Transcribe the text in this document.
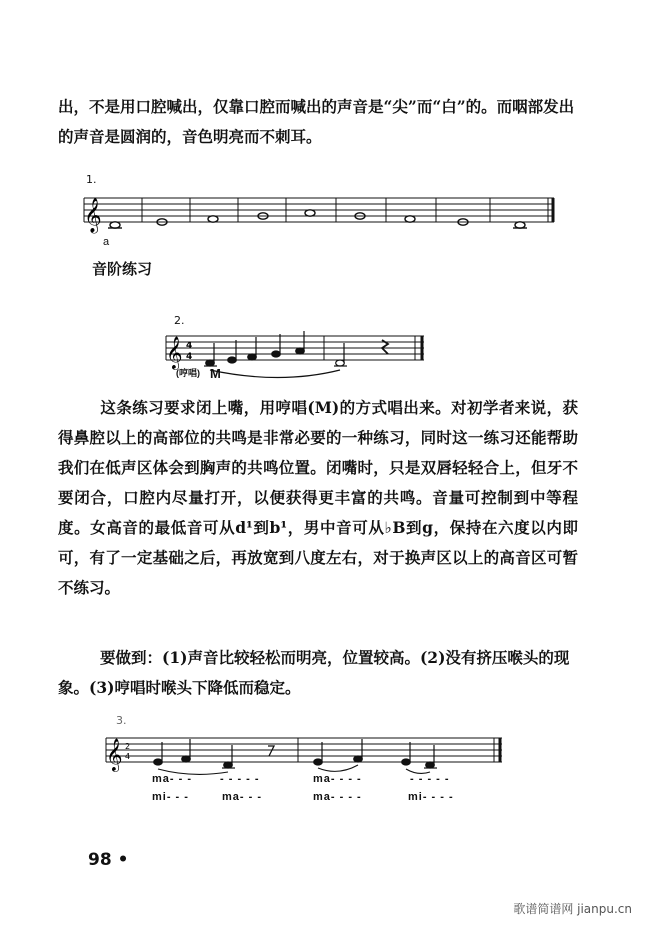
出，不是用口腔喊出，仅靠口腔而喊出的声音是“尖”而“白”的。而咽部发出的声音是圆润的，音色明亮而不刺耳。

1.
𝄞
a
音阶练习
2.
𝄞 4
4
(哼唱) M

这条练习要求闭上嘴，用哼唱(M)的方式唱出来。对初学者来说，获得鼻腔以上的高部位的共鸣是非常必要的一种练习，同时这一练习还能帮助我们在低声区体会到胸声的共鸣位置。闭嘴时，只是双唇轻轻合上，但牙不要闭合，口腔内尽量打开，以便获得更丰富的共鸣。音量可控制到中等程度。女高音的最低音可从d¹到b¹，男中音可从♭B到g，保持在六度以内即可，有了一定基础之后，再放宽到八度左右，对于换声区以上的高音区可暂不练习。

要做到：(1)声音比较轻松而明亮，位置较高。(2)没有挤压喉头的现象。(3)哼唱时喉头下降低而稳定。

3.
𝄞 2
4
ma- - -	- - - - -	ma- - - -	- - - - -
mi- - -	ma- - -	ma- - - -	mi- - - -
98 •
歌谱简谱网 jianpu.cn
